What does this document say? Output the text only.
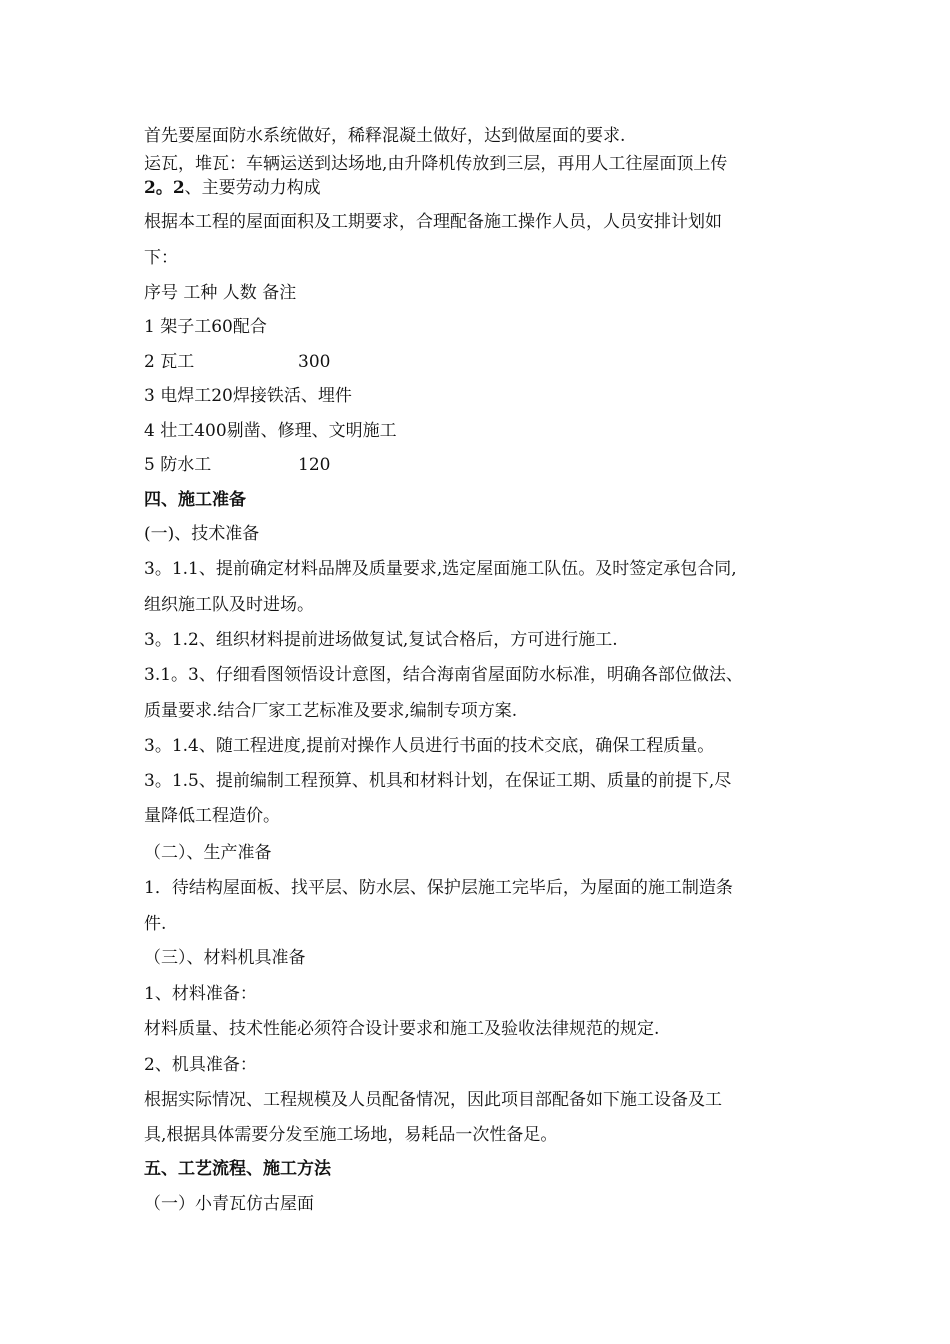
首先要屋面防水系统做好，稀释混凝土做好，达到做屋面的要求.
运瓦，堆瓦：车辆运送到达场地,由升降机传放到三层，再用人工往屋面顶上传
2。2、主要劳动力构成
根据本工程的屋面面积及工期要求，合理配备施工操作人员，人员安排计划如
下：
序号 工种 人数 备注
1 架子工60配合
2 瓦工	300
3 电焊工20焊接铁活、埋件
4 壮工400剔凿、修理、文明施工
5 防水工	120
四、施工准备
(一)、技术准备
3。1.1、提前确定材料品牌及质量要求,选定屋面施工队伍。及时签定承包合同,
组织施工队及时进场。
3。1.2、组织材料提前进场做复试,复试合格后，方可进行施工.
3.1。3、仔细看图领悟设计意图，结合海南省屋面防水标准，明确各部位做法、
质量要求.结合厂家工艺标准及要求,编制专项方案.
3。1.4、随工程进度,提前对操作人员进行书面的技术交底，确保工程质量。
3。1.5、提前编制工程预算、机具和材料计划，在保证工期、质量的前提下,尽
量降低工程造价。
（二）、生产准备
1．待结构屋面板、找平层、防水层、保护层施工完毕后，为屋面的施工制造条
件.
（三）、材料机具准备
1、材料准备：
材料质量、技术性能必须符合设计要求和施工及验收法律规范的规定.
2、机具准备：
根据实际情况、工程规模及人员配备情况，因此项目部配备如下施工设备及工
具,根据具体需要分发至施工场地，易耗品一次性备足。
五、工艺流程、施工方法
（一）小青瓦仿古屋面
